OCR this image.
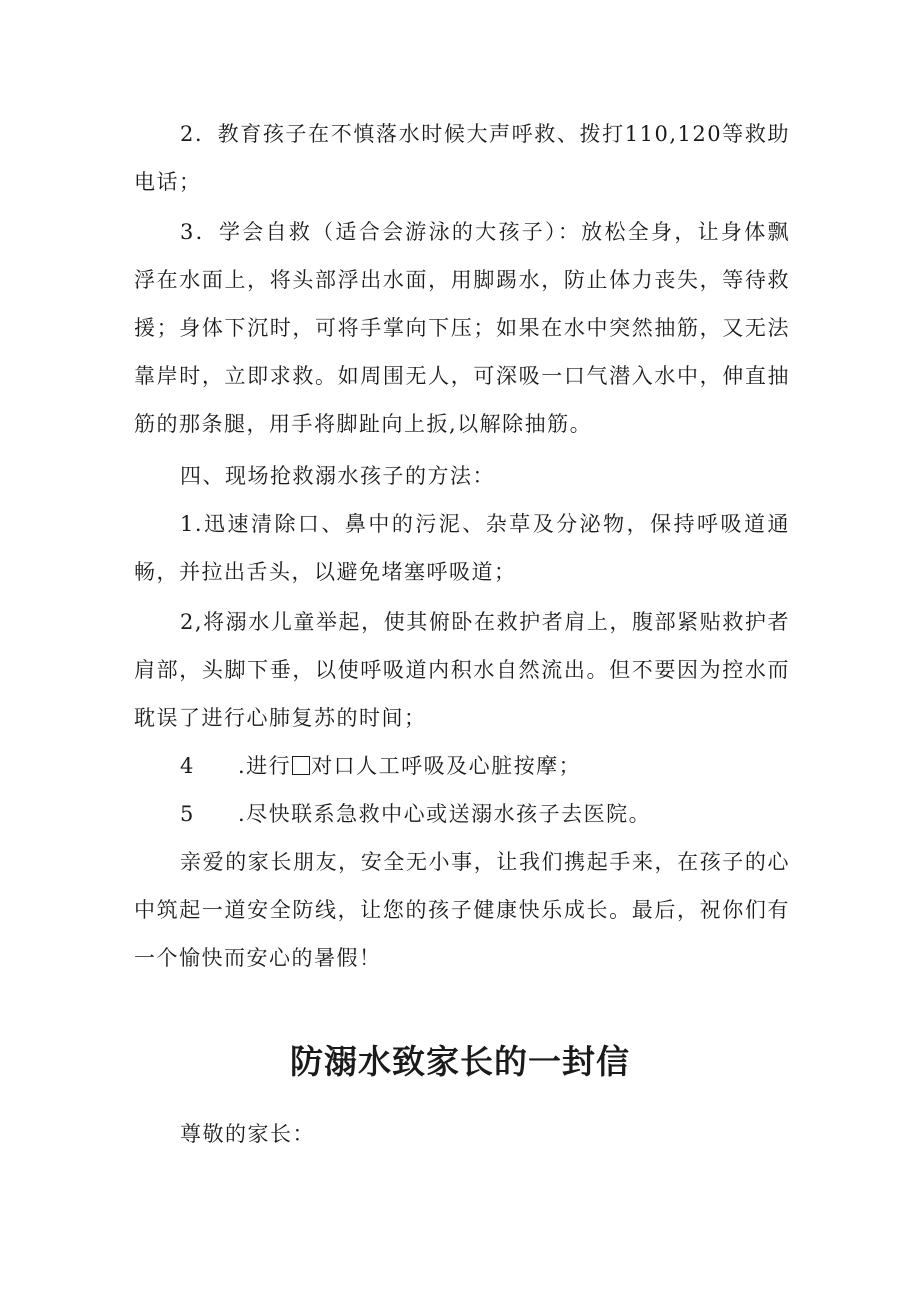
2．教育孩子在不慎落水时候大声呼救、拨打110,120等救助电话；

3．学会自救（适合会游泳的大孩子）：放松全身，让身体飘浮在水面上，将头部浮出水面，用脚踢水，防止体力丧失，等待救援；身体下沉时，可将手掌向下压；如果在水中突然抽筋，又无法靠岸时，立即求救。如周围无人，可深吸一口气潜入水中，伸直抽筋的那条腿，用手将脚趾向上扳,以解除抽筋。

四、现场抢救溺水孩子的方法：

1.迅速清除口、鼻中的污泥、杂草及分泌物，保持呼吸道通畅，并拉出舌头，以避免堵塞呼吸道；

2,将溺水儿童举起，使其俯卧在救护者肩上，腹部紧贴救护者肩部，头脚下垂，以使呼吸道内积水自然流出。但不要因为控水而耽误了进行心肺复苏的时间；

4 .进行 对口人工呼吸及心脏按摩；

5 .尽快联系急救中心或送溺水孩子去医院。

亲爱的家长朋友，安全无小事，让我们携起手来，在孩子的心中筑起一道安全防线，让您的孩子健康快乐成长。最后，祝你们有一个愉快而安心的暑假！

防溺水致家长的一封信

尊敬的家长：
